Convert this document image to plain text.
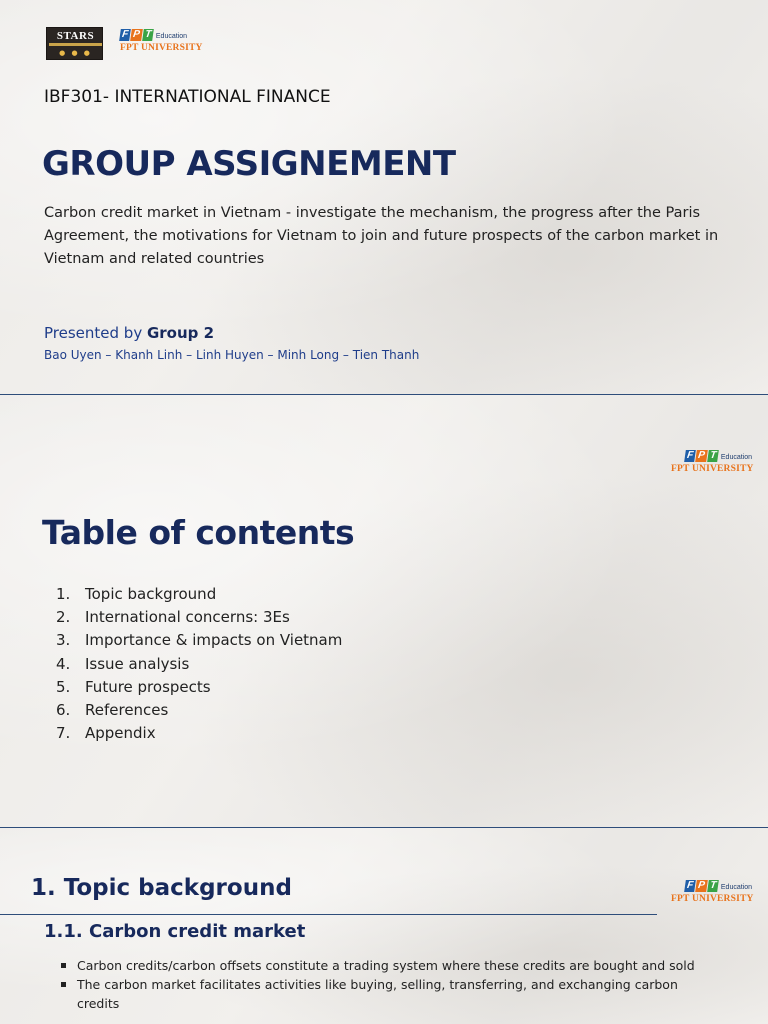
STARS
● ● ●
F P T Education
FPT UNIVERSITY
IBF301- INTERNATIONAL FINANCE
GROUP ASSIGNEMENT
Carbon credit market in Vietnam - investigate the mechanism, the progress after the Paris Agreement, the motivations for Vietnam to join and future prospects of the carbon market in Vietnam and related countries
Presented by Group 2
Bao Uyen – Khanh Linh – Linh Huyen – Minh Long – Tien Thanh
F P T Education
FPT UNIVERSITY
Table of contents
1. Topic background
2. International concerns: 3Es
3. Importance & impacts on Vietnam
4. Issue analysis
5. Future prospects
6. References
7. Appendix
F P T Education
FPT UNIVERSITY
1. Topic background
1.1. Carbon credit market
Carbon credits/carbon offsets constitute a trading system where these credits are bought and sold
The carbon market facilitates activities like buying, selling, transferring, and exchanging carbon credits
